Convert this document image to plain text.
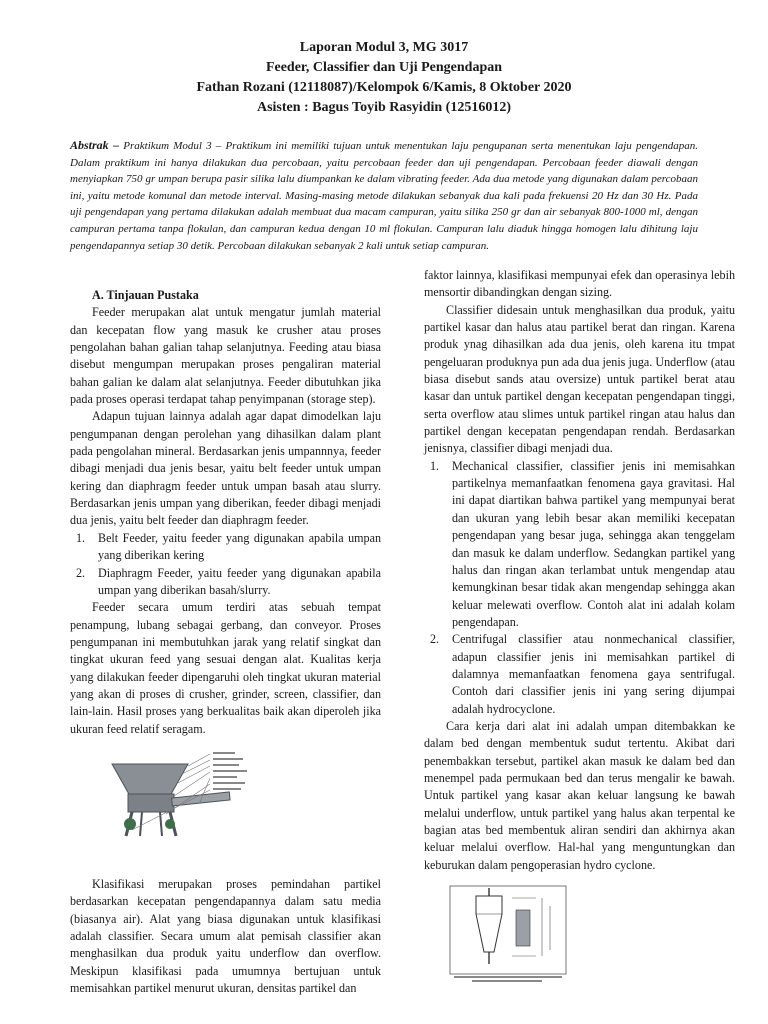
Laporan Modul 3, MG 3017
Feeder, Classifier dan Uji Pengendapan
Fathan Rozani (12118087)/Kelompok 6/Kamis, 8 Oktober 2020
Asisten : Bagus Toyib Rasyidin (12516012)
Abstrak – Praktikum Modul 3 – Praktikum ini memiliki tujuan untuk menentukan laju pengupanan serta menentukan laju pengendapan. Dalam praktikum ini hanya dilakukan dua percobaan, yaitu percobaan feeder dan uji pengendapan. Percobaan feeder diawali dengan menyiapkan 750 gr umpan berupa pasir silika lalu diumpankan ke dalam vibrating feeder. Ada dua metode yang digunakan dalam percobaan ini, yaitu metode komunal dan metode interval. Masing-masing metode dilakukan sebanyak dua kali pada frekuensi 20 Hz dan 30 Hz. Pada uji pengendapan yang pertama dilakukan adalah membuat dua macam campuran, yaitu silika 250 gr dan air sebanyak 800-1000 ml, dengan campuran pertama tanpa flokulan, dan campuran kedua dengan 10 ml flokulan. Campuran lalu diaduk hingga homogen lalu dihitung laju pengendapannya setiap 30 detik. Percobaan dilakukan sebanyak 2 kali untuk setiap campuran.

A. Tinjauan Pustaka

Feeder merupakan alat untuk mengatur jumlah material dan kecepatan flow yang masuk ke crusher atau proses pengolahan bahan galian tahap selanjutnya. Feeding atau biasa disebut mengumpan merupakan proses pengaliran material bahan galian ke dalam alat selanjutnya. Feeder dibutuhkan jika pada proses operasi terdapat tahap penyimpanan (storage step).

Adapun tujuan lainnya adalah agar dapat dimodelkan laju pengumpanan dengan perolehan yang dihasilkan dalam plant pada pengolahan mineral. Berdasarkan jenis umpannnya, feeder dibagi menjadi dua jenis besar, yaitu belt feeder untuk umpan kering dan diaphragm feeder untuk umpan basah atau slurry. Berdasarkan jenis umpan yang diberikan, feeder dibagi menjadi dua jenis, yaitu belt feeder dan diaphragm feeder.

1. Belt Feeder, yaitu feeder yang digunakan apabila umpan yang diberikan kering
2. Diaphragm Feeder, yaitu feeder yang digunakan apabila umpan yang diberikan basah/slurry.

Feeder secara umum terdiri atas sebuah tempat penampung, lubang sebagai gerbang, dan conveyor. Proses pengumpanan ini membutuhkan jarak yang relatif singkat dan tingkat ukuran feed yang sesuai dengan alat. Kualitas kerja yang dilakukan feeder dipengaruhi oleh tingkat ukuran material yang akan di proses di crusher, grinder, screen, classifier, dan lain-lain. Hasil proses yang berkualitas baik akan diperoleh jika ukuran feed relatif seragam.

Klasifikasi merupakan proses pemindahan partikel berdasarkan kecepatan pengendapannya dalam satu media (biasanya air). Alat yang biasa digunakan untuk klasifikasi adalah classifier. Secara umum alat pemisah classifier akan menghasilkan dua produk yaitu underflow dan overflow. Meskipun klasifikasi pada umumnya bertujuan untuk memisahkan partikel menurut ukuran, densitas partikel dan

faktor lainnya, klasifikasi mempunyai efek dan operasinya lebih mensortir dibandingkan dengan sizing.

Classifier didesain untuk menghasilkan dua produk, yaitu partikel kasar dan halus atau partikel berat dan ringan. Karena produk ynag dihasilkan ada dua jenis, oleh karena itu tmpat pengeluaran produknya pun ada dua jenis juga. Underflow (atau biasa disebut sands atau oversize) untuk partikel berat atau kasar dan untuk partikel dengan kecepatan pengendapan tinggi, serta overflow atau slimes untuk partikel ringan atau halus dan partikel dengan kecepatan pengendapan rendah. Berdasarkan jenisnya, classifier dibagi menjadi dua.

1. Mechanical classifier, classifier jenis ini memisahkan partikelnya memanfaatkan fenomena gaya gravitasi. Hal ini dapat diartikan bahwa partikel yang mempunyai berat dan ukuran yang lebih besar akan memiliki kecepatan pengendapan yang besar juga, sehingga akan tenggelam dan masuk ke dalam underflow. Sedangkan partikel yang halus dan ringan akan terlambat untuk mengendap atau kemungkinan besar tidak akan mengendap sehingga akan keluar melewati overflow. Contoh alat ini adalah kolam pengendapan.
2. Centrifugal classifier atau nonmechanical classifier, adapun classifier jenis ini memisahkan partikel di dalamnya memanfaatkan fenomena gaya sentrifugal. Contoh dari classifier jenis ini yang sering dijumpai adalah hydrocyclone.

Cara kerja dari alat ini adalah umpan ditembakkan ke dalam bed dengan membentuk sudut tertentu. Akibat dari penembakkan tersebut, partikel akan masuk ke dalam bed dan menempel pada permukaan bed dan terus mengalir ke bawah. Untuk partikel yang kasar akan keluar langsung ke bawah melalui underflow, untuk partikel yang halus akan terpental ke bagian atas bed membentuk aliran sendiri dan akhirnya akan keluar melalui overflow. Hal-hal yang menguntungkan dan keburukan dalam pengoperasian hydro cyclone.
